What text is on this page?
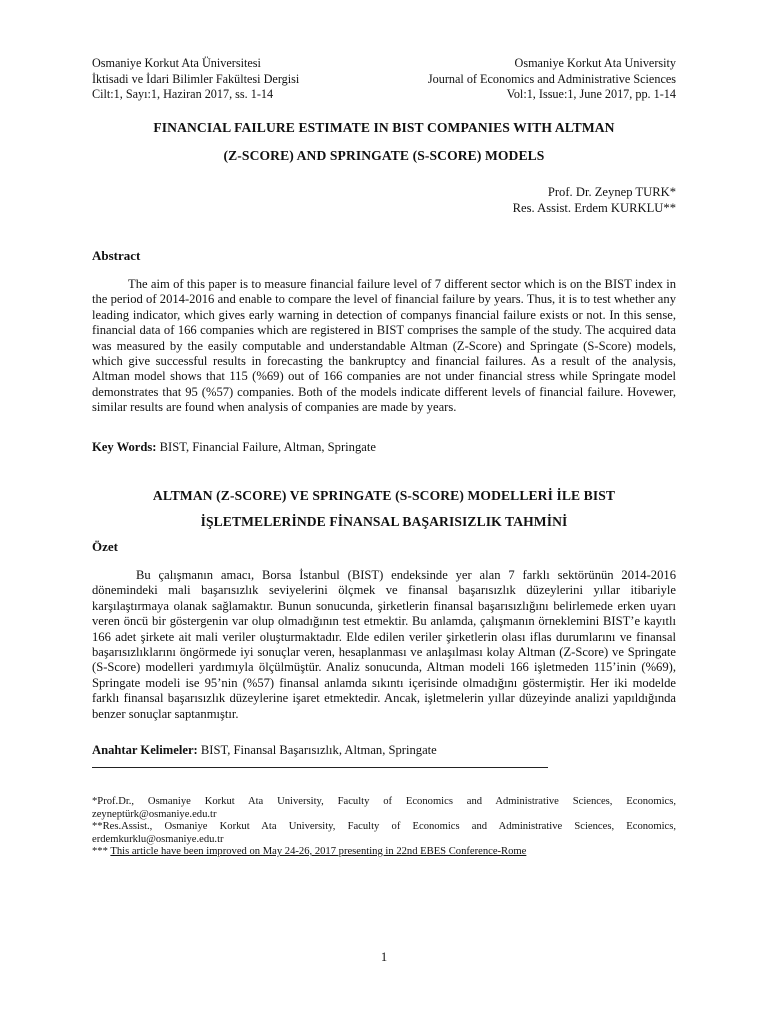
Osmaniye Korkut Ata Üniversitesi
İktisadi ve İdari Bilimler Fakültesi Dergisi
Cilt:1, Sayı:1, Haziran 2017, ss. 1-14
Osmaniye Korkut Ata University
Journal of Economics and Administrative Sciences
Vol:1, Issue:1, June 2017, pp. 1-14
FINANCIAL FAILURE ESTIMATE IN BIST COMPANIES WITH ALTMAN
(Z-SCORE) AND SPRINGATE (S-SCORE) MODELS
Prof. Dr. Zeynep TURK*
Res. Assist. Erdem KURKLU**
Abstract
The aim of this paper is to measure financial failure level of 7 different sector which is on the BIST index in the period of 2014-2016 and enable to compare the level of financial failure by years. Thus, it is to test whether any leading indicator, which gives early warning in detection of companys financial failure exists or not. In this sense, financial data of 166 companies which are registered in BIST comprises the sample of the study. The acquired data was measured by the easily computable and understandable Altman (Z-Score) and Springate (S-Score) models, which give successful results in forecasting the bankruptcy and financial failures. As a result of the analysis, Altman model shows that 115 (%69) out of 166 companies are not under financial stress while Springate model demonstrates that 95 (%57) companies. Both of the models indicate different levels of financial failure. Hovewer, similar results are found when analysis of companies are made by years.
Key Words: BIST, Financial Failure, Altman, Springate
ALTMAN (Z-SCORE) VE SPRINGATE (S-SCORE) MODELLERİ İLE BIST
İŞLETMELERİNDE FİNANSAL BAŞARISIZLIK TAHMİNİ
Özet
Bu çalışmanın amacı, Borsa İstanbul (BIST) endeksinde yer alan 7 farklı sektörünün 2014-2016 dönemindeki mali başarısızlık seviyelerini ölçmek ve finansal başarısızlık düzeylerini yıllar itibariyle karşılaştırmaya olanak sağlamaktır. Bunun sonucunda, şirketlerin finansal başarısızlığını belirlemede erken uyarı veren öncü bir göstergenin var olup olmadığının test etmektir. Bu anlamda, çalışmanın örneklemini BIST’e kayıtlı 166 adet şirkete ait mali veriler oluşturmaktadır. Elde edilen veriler şirketlerin olası iflas durumlarını ve finansal başarısızlıklarını öngörmede iyi sonuçlar veren, hesaplanması ve anlaşılması kolay Altman (Z-Score) ve Springate (S-Score) modelleri yardımıyla ölçülmüştür. Analiz sonucunda, Altman modeli 166 işletmeden 115’inin (%69), Springate modeli ise 95’nin (%57) finansal anlamda sıkıntı içerisinde olmadığını göstermiştir. Her iki modelde farklı finansal başarısızlık düzeylerine işaret etmektedir. Ancak, işletmelerin yıllar düzeyinde analizi yapıldığında benzer sonuçlar saptanmıştır.
Anahtar Kelimeler: BIST, Finansal Başarısızlık, Altman, Springate
*Prof.Dr., Osmaniye Korkut Ata University, Faculty of Economics and Administrative Sciences, Economics, zeyneptürk@osmaniye.edu.tr
**Res.Assist., Osmaniye Korkut Ata University, Faculty of Economics and Administrative Sciences, Economics, erdemkurklu@osmaniye.edu.tr
*** This article have been improved on May 24-26, 2017 presenting in 22nd EBES Conference-Rome
1
